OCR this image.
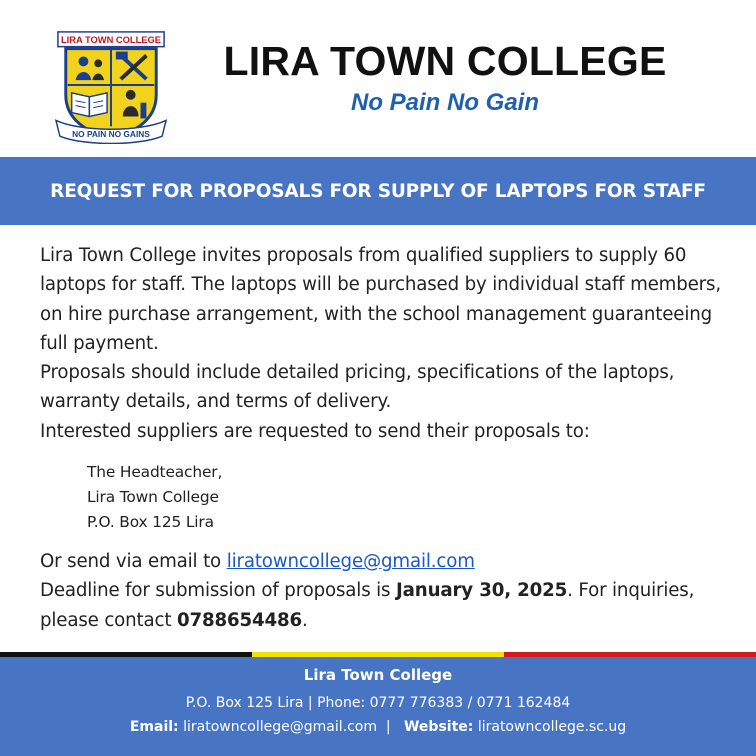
LIRA TOWN COLLEGE
NO PAIN NO GAINS
LIRA TOWN COLLEGE

No Pain No Gain

REQUEST FOR PROPOSALS FOR SUPPLY OF LAPTOPS FOR STAFF

Lira Town College invites proposals from qualified suppliers to supply 60 laptops for staff. The laptops will be purchased by individual staff members, on hire purchase arrangement, with the school management guaranteeing full payment.

Proposals should include detailed pricing, specifications of the laptops, warranty details, and terms of delivery.

Interested suppliers are requested to send their proposals to:

The Headteacher,
Lira Town College
P.O. Box 125 Lira

Or send via email to liratowncollege@gmail.com

Deadline for submission of proposals is January 30, 2025. For inquiries, please contact 0788654486.

Lira Town College

P.O. Box 125 Lira | Phone: 0777 776383 / 0771 162484

Email: liratowncollege@gmail.com | Website: liratowncollege.sc.ug
